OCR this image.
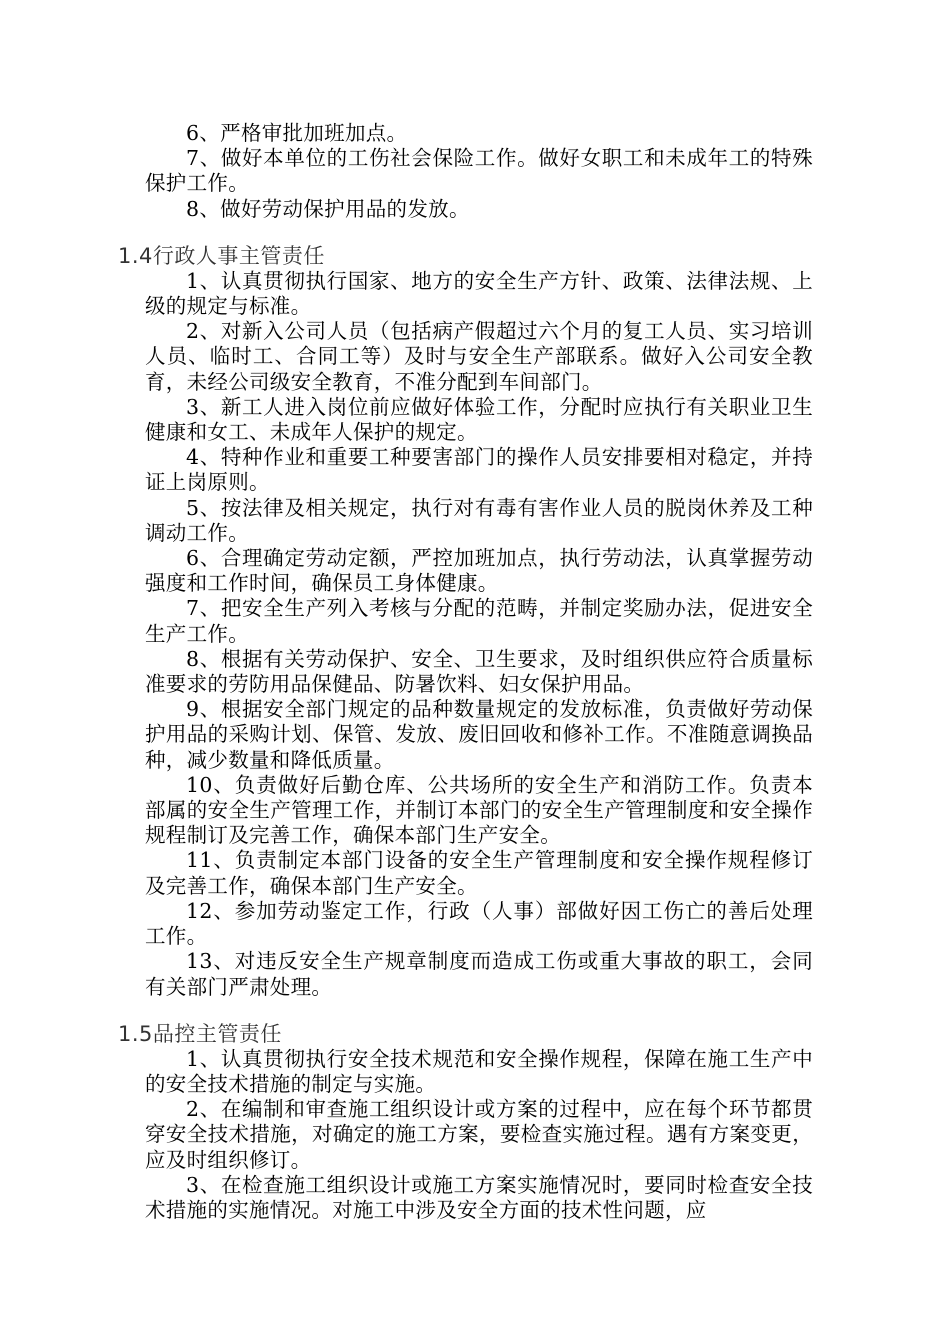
6、严格审批加班加点。

7、做好本单位的工伤社会保险工作。做好女职工和未成年工的特殊保护工作。

8、做好劳动保护用品的发放。

1.4行政人事主管责任

1、认真贯彻执行国家、地方的安全生产方针、政策、法律法规、上级的规定与标准。

2、对新入公司人员（包括病产假超过六个月的复工人员、实习培训人员、临时工、合同工等）及时与安全生产部联系。做好入公司安全教育，未经公司级安全教育，不准分配到车间部门。

3、新工人进入岗位前应做好体验工作，分配时应执行有关职业卫生健康和女工、未成年人保护的规定。

4、特种作业和重要工种要害部门的操作人员安排要相对稳定，并持证上岗原则。

5、按法律及相关规定，执行对有毒有害作业人员的脱岗休养及工种调动工作。

6、合理确定劳动定额，严控加班加点，执行劳动法，认真掌握劳动强度和工作时间，确保员工身体健康。

7、把安全生产列入考核与分配的范畴，并制定奖励办法，促进安全生产工作。

8、根据有关劳动保护、安全、卫生要求，及时组织供应符合质量标准要求的劳防用品保健品、防暑饮料、妇女保护用品。

9、根据安全部门规定的品种数量规定的发放标准，负责做好劳动保护用品的采购计划、保管、发放、废旧回收和修补工作。不准随意调换品种，减少数量和降低质量。

10、负责做好后勤仓库、公共场所的安全生产和消防工作。负责本部属的安全生产管理工作，并制订本部门的安全生产管理制度和安全操作规程制订及完善工作，确保本部门生产安全。

11、负责制定本部门设备的安全生产管理制度和安全操作规程修订及完善工作，确保本部门生产安全。

12、参加劳动鉴定工作，行政（人事）部做好因工伤亡的善后处理工作。

13、对违反安全生产规章制度而造成工伤或重大事故的职工，会同有关部门严肃处理。

1.5品控主管责任

1、认真贯彻执行安全技术规范和安全操作规程，保障在施工生产中的安全技术措施的制定与实施。

2、在编制和审查施工组织设计或方案的过程中，应在每个环节都贯穿安全技术措施，对确定的施工方案，要检查实施过程。遇有方案变更，应及时组织修订。

3、在检查施工组织设计或施工方案实施情况时，要同时检查安全技术措施的实施情况。对施工中涉及安全方面的技术性问题，应
